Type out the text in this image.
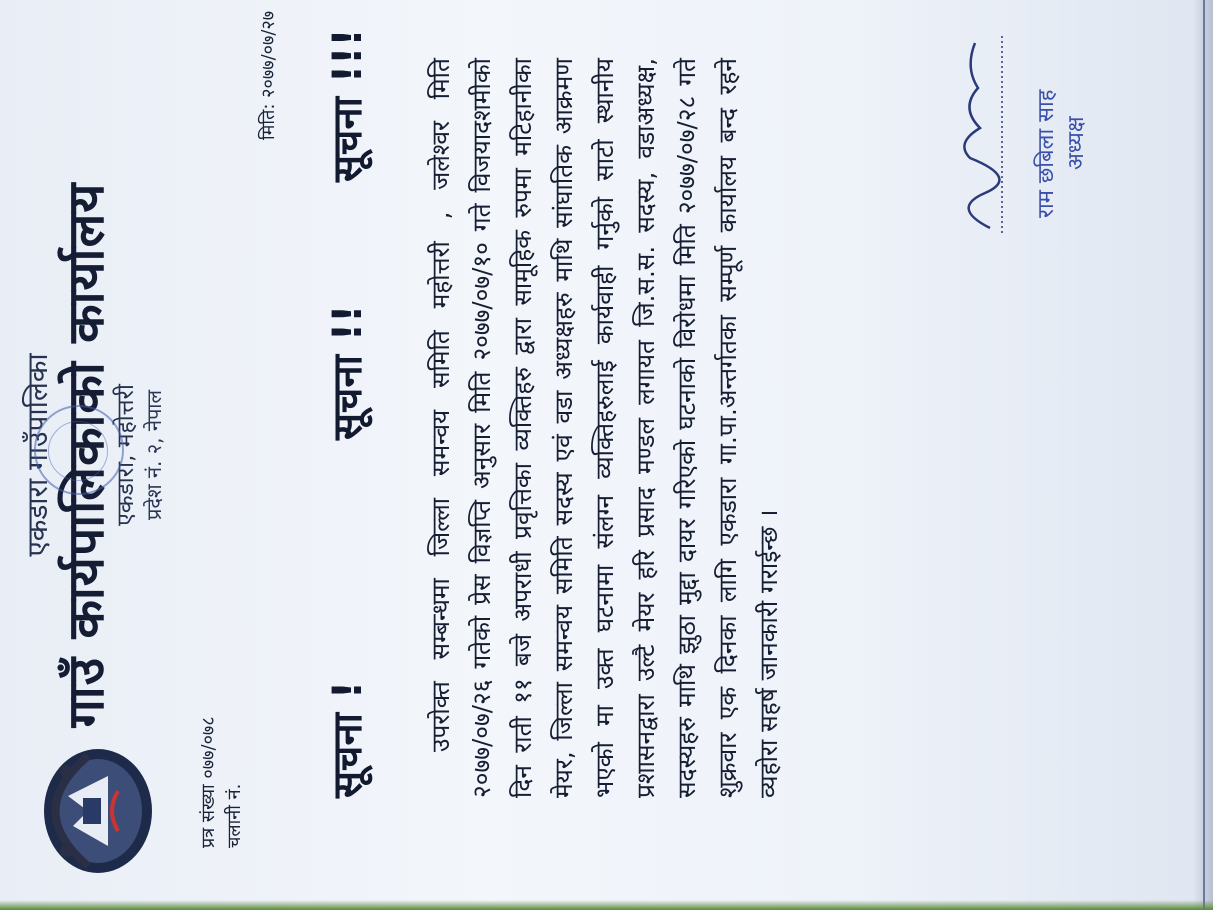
एकडारा गाउँपालिका गाउँ कार्यपालिकाको कार्यालय
एकडारा, महोत्तरी प्रदेश नं. २, नेपाल
प्रत्र संख्या ०७७/०७८ चलानी नं.
मिति: २०७७/०७/२७
सूचना !
सूचना !!
सूचना !!! उपरोक्त सम्बन्धमा जिल्ला समन्वय समिति महोत्तरी , जलेश्वर मिति २०७७/०७/२६ गतेको प्रेस विज्ञप्ति अनुसार मिति २०७७/०७/१० गते विजयादशमीको दिन राती ११ बजे अपराधी प्रवृत्तिका व्यक्तिहरु द्वारा सामूहिक रुपमा मटिहानीका मेयर, जिल्ला समन्वय समिति सदस्य एवं वडा अध्यक्षहरु माथि सांघातिक आक्रमण भएको मा उक्त घटनामा संलग्न व्यक्तिहरुलाई कार्यवाही गर्नुको साटो स्थानीय प्रशासनद्वारा उल्टै मेयर हरि प्रसाद मण्डल लगायत जि.स.स. सदस्य, वडाअध्यक्ष, सदस्यहरु माथि झुठा मुद्दा दायर गरिएको घटनाको विरोधमा मिति २०७७/०७/२८ गते शुक्रवार एक दिनका लागि एकडारा गा.पा.अन्तर्गतका सम्पूर्ण कार्यालय बन्द रहने व्यहोरा सहर्ष जानकारी गराईन्छ ।
राम छबिला साह अध्यक्ष
